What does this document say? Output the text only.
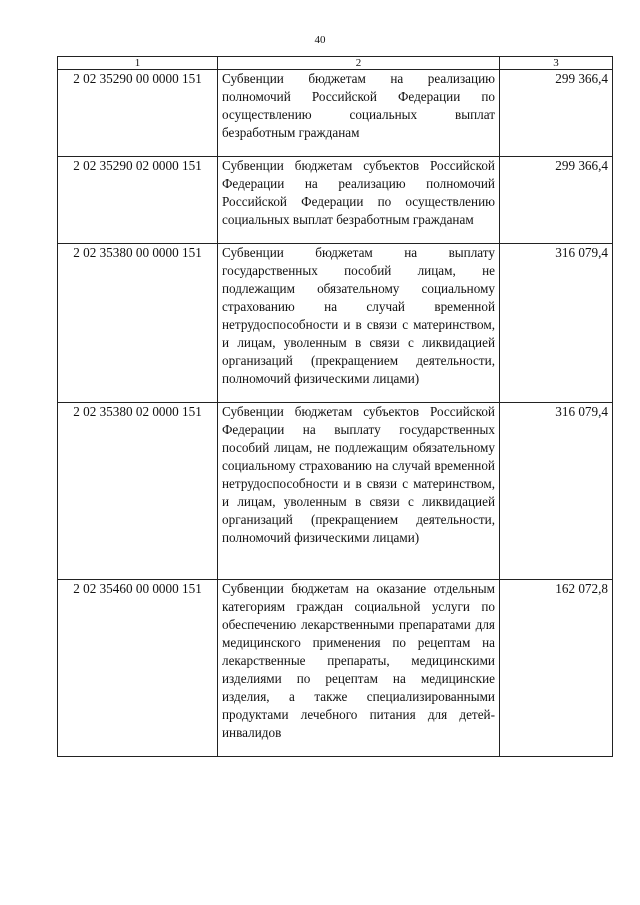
40
1	2	3
2 02 35290 00 0000 151	Субвенции бюджетам на реализацию полномочий Российской Федерации по осуществлению социальных выплат безработным гражданам	299 366,4
2 02 35290 02 0000 151	Субвенции бюджетам субъектов Российской Федерации на реализацию полномочий Российской Федерации по осуществлению социальных выплат безработным гражданам	299 366,4
2 02 35380 00 0000 151	Субвенции бюджетам на выплату государственных пособий лицам, не подлежащим обязательному социальному страхованию на случай временной нетрудоспособности и в связи с материнством, и лицам, уволенным в связи с ликвидацией организаций (прекращением деятельности, полномочий физическими лицами)	316 079,4
2 02 35380 02 0000 151	Субвенции бюджетам субъектов Российской Федерации на выплату государственных пособий лицам, не подлежащим обязательному социальному страхованию на случай временной нетрудоспособности и в связи с материнством, и лицам, уволенным в связи с ликвидацией организаций (прекращением деятельности, полномочий физическими лицами)	316 079,4
2 02 35460 00 0000 151	Субвенции бюджетам на оказание отдельным категориям граждан социальной услуги по обеспечению лекарственными препаратами для медицинского применения по рецептам на лекарственные препараты, медицинскими изделиями по рецептам на медицинские изделия, а также специализированными продуктами лечебного питания для детей-инвалидов	162 072,8
